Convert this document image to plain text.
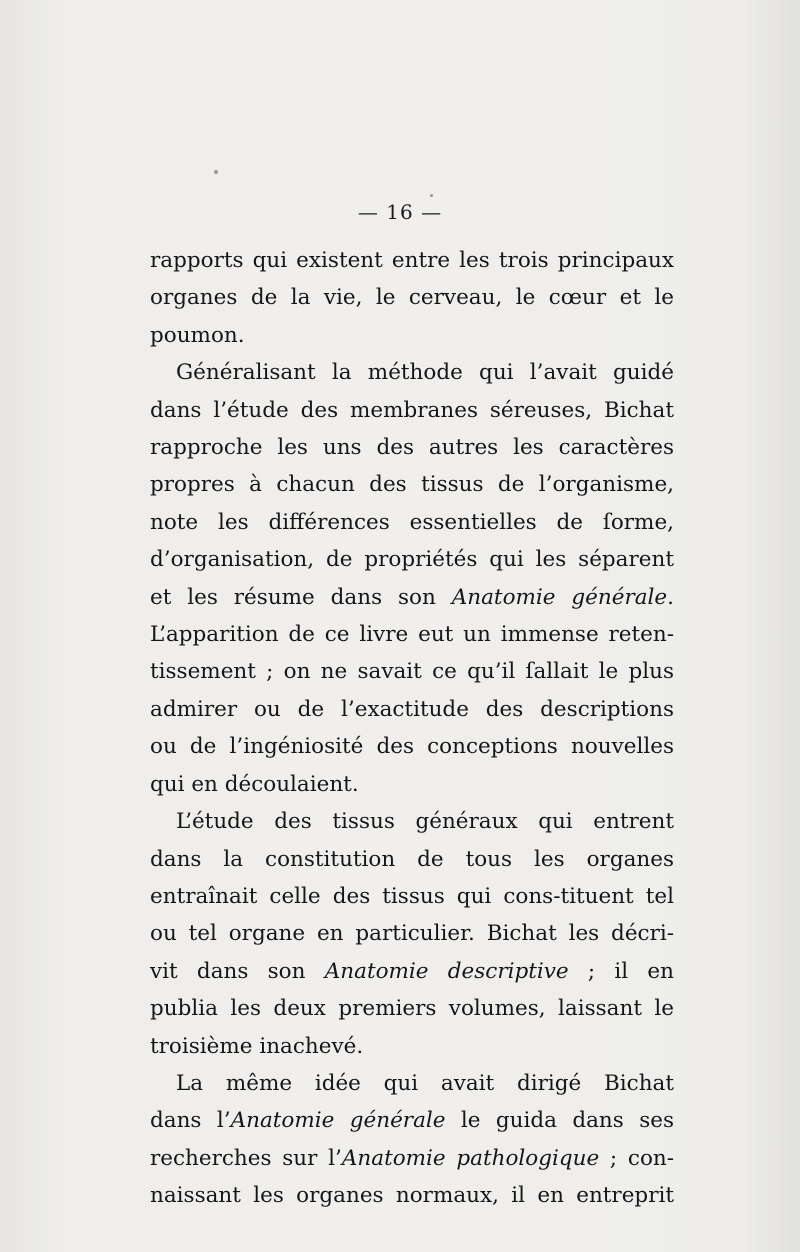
— 16 —
rapports qui existent entre les trois principaux
organes de la vie, le cerveau, le cœur et le
poumon.
Généralisant la méthode qui l’avait guidé
dans l’étude des membranes séreuses, Bichat
rapproche les uns des autres les caractères
propres à chacun des tissus de l’organisme,
note les différences essentielles de ſorme,
d’organisation, de propriétés qui les séparent
et les résume dans son Anatomie générale.
L’apparition de ce livre eut un immense reten-
tissement ; on ne savait ce qu’il ſallait le plus
admirer ou de l’exactitude des descriptions
ou de l’ingéniosité des conceptions nouvelles
qui en découlaient.
L’étude des tissus généraux qui entrent
dans la constitution de tous les organes
entraînait celle des tissus qui cons-tituent tel
ou tel organe en particulier. Bichat les décri-
vit dans son Anatomie descriptive ; il en
publia les deux premiers volumes, laissant le
troisième inachevé.
La même idée qui avait dirigé Bichat
dans l’Anatomie générale le guida dans ses
recherches sur l’Anatomie pathologique ; con-
naissant les organes normaux, il en entreprit
